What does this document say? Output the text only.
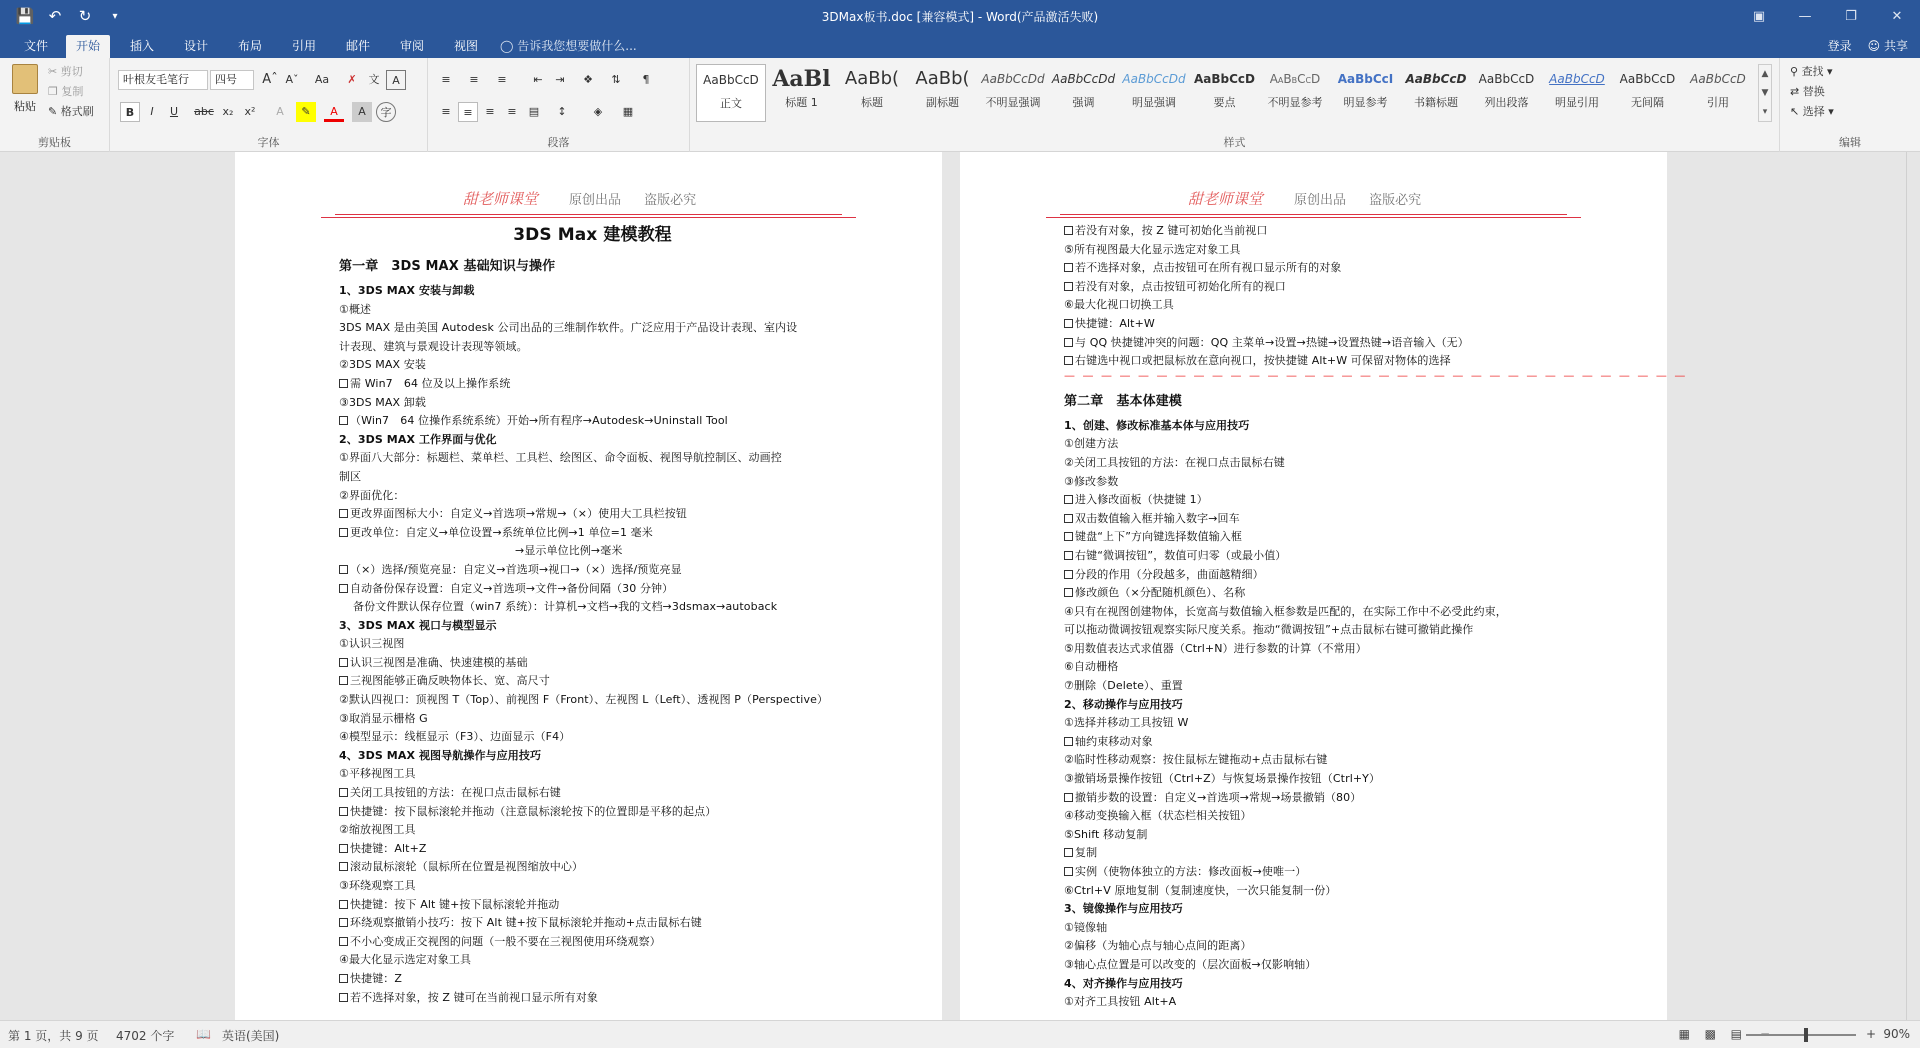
💾 ↶	↻	▾	3DMax板书.doc [兼容模式] - Word(产品激活失败)	▣	—	❐	✕
文件	开始	插入	设计	布局	引用	邮件	审阅	视图	◯ 告诉我您想要做什么...	登录 ☺ 共享
粘贴
✂ 剪切
❐ 复制
✎ 格式刷
剪贴板
叶根友毛笔行	四号	Aˆ Aˇ	Aa	✗	文	A
B	I	U	abc x₂	x²	A	✎	A	A	字
字体
≡	≡	≡	⇤	⇥	❖	⇅	¶
≡	≡	≡	≡	▤	↕	◈	▦
段落
AaBbCcD
正文
AaBl
标题 1
AaBb(
标题
AaBb(
副标题
AaBbCcDd
不明显强调
AaBbCcDd
强调
AaBbCcDd
明显强调
AaBbCcD
要点
AaBbCcD
不明显参考
AaBbCcI
明显参考
AaBbCcD
书籍标题
AaBbCcD
列出段落
AaBbCcD
明显引用
AaBbCcD
无间隔
AaBbCcD
引用
▲
▼
▾
样式
⚲ 查找 ▾
⇄ 替换
↖ 选择 ▾
编辑
甜老师课堂 原创出品 盗版必究

3DS Max 建模教程

第一章　3DS MAX 基础知识与操作

1、3DS MAX 安装与卸载

①概述

3DS MAX 是由美国 Autodesk 公司出品的三维制作软件。广泛应用于产品设计表现、室内设

计表现、建筑与景观设计表现等领域。

②3DS MAX 安装

需 Win7　64 位及以上操作系统

③3DS MAX 卸载

（Win7　64 位操作系统系统）开始→所有程序→Autodesk→Uninstall Tool

2、3DS MAX 工作界面与优化

①界面八大部分：标题栏、菜单栏、工具栏、绘图区、命令面板、视图导航控制区、动画控

制区

②界面优化：

更改界面图标大小：自定义→首选项→常规→（×）使用大工具栏按钮

更改单位：自定义→单位设置→系统单位比例→1 单位=1 毫米

→显示单位比例→毫米

（×）选择/预览亮显：自定义→首选项→视口→（×）选择/预览亮显

自动备份保存设置：自定义→首选项→文件→备份间隔（30 分钟）

备份文件默认保存位置（win7 系统）：计算机→文档→我的文档→3dsmax→autoback

3、3DS MAX 视口与模型显示

①认识三视图

认识三视图是准确、快速建模的基础

三视图能够正确反映物体长、宽、高尺寸

②默认四视口：顶视图 T（Top）、前视图 F（Front）、左视图 L（Left）、透视图 P（Perspective）

③取消显示栅格 G

④模型显示：线框显示（F3）、边面显示（F4）

4、3DS MAX 视图导航操作与应用技巧

①平移视图工具

关闭工具按钮的方法：在视口点击鼠标右键

快捷键：按下鼠标滚轮并拖动（注意鼠标滚轮按下的位置即是平移的起点）

②缩放视图工具

快捷键：Alt+Z

滚动鼠标滚轮（鼠标所在位置是视图缩放中心）

③环绕观察工具

快捷键：按下 Alt 键+按下鼠标滚轮并拖动

环绕观察撤销小技巧：按下 Alt 键+按下鼠标滚轮并拖动+点击鼠标右键

不小心变成正交视图的问题（一般不要在三视图使用环绕观察）

④最大化显示选定对象工具

快捷键：Z

若不选择对象，按 Z 键可在当前视口显示所有对象

甜老师课堂 原创出品 盗版必究

若没有对象，按 Z 键可初始化当前视口

⑤所有视图最大化显示选定对象工具

若不选择对象，点击按钮可在所有视口显示所有的对象

若没有对象，点击按钮可初始化所有的视口

⑥最大化视口切换工具

快捷键：Alt+W

与 QQ 快捷键冲突的问题：QQ 主菜单→设置→热键→设置热键→语音输入（无）

右键选中视口或把鼠标放在意向视口，按快捷键 Alt+W 可保留对物体的选择

— — — — — — — — — — — — — — — — — — — — — — — — — — — — — — — — — —

第二章　基本体建模

1、创建、修改标准基本体与应用技巧

①创建方法

②关闭工具按钮的方法：在视口点击鼠标右键

③修改参数

进入修改面板（快捷键 1）

双击数值输入框并输入数字→回车

键盘“上下”方向键选择数值输入框

右键“微调按钮”，数值可归零（或最小值）

分段的作用（分段越多，曲面越精细）

修改颜色（×分配随机颜色）、名称

④只有在视图创建物体，长宽高与数值输入框参数是匹配的，在实际工作中不必受此约束，

可以拖动微调按钮观察实际尺度关系。拖动“微调按钮”+点击鼠标右键可撤销此操作

⑤用数值表达式求值器（Ctrl+N）进行参数的计算（不常用）

⑥自动栅格

⑦删除（Delete）、重置

2、移动操作与应用技巧

①选择并移动工具按钮 W

轴约束移动对象

②临时性移动观察：按住鼠标左键拖动+点击鼠标右键

③撤销场景操作按钮（Ctrl+Z）与恢复场景操作按钮（Ctrl+Y）

撤销步数的设置：自定义→首选项→常规→场景撤销（80）

④移动变换输入框（状态栏相关按钮）

⑤Shift 移动复制

复制

实例（使物体独立的方法：修改面板→使唯一）

⑥Ctrl+V 原地复制（复制速度快，一次只能复制一份）

3、镜像操作与应用技巧

①镜像轴

②偏移（为轴心点与轴心点间的距离）

③轴心点位置是可以改变的（层次面板→仅影响轴）

4、对齐操作与应用技巧

①对齐工具按钮 Alt+A

第 1 页，共 9 页 4702 个字 📖 英语(美国)	▦ ▩ ▤	+ 90%
